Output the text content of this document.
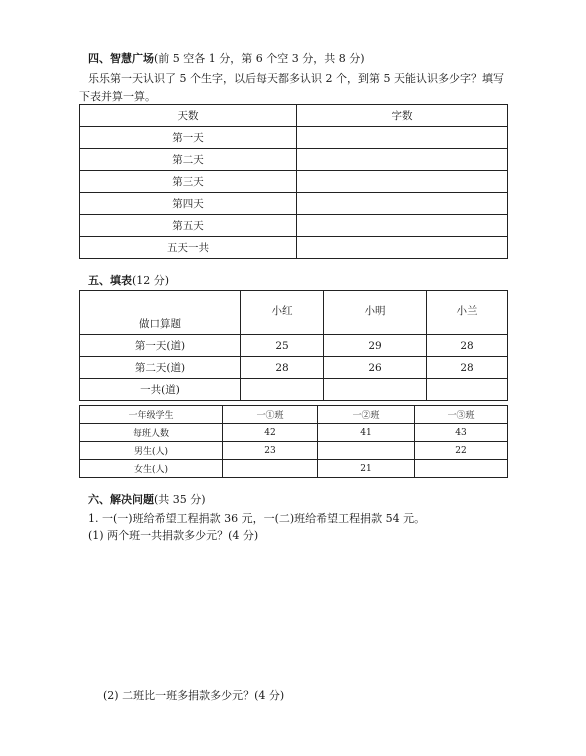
四、智慧广场(前 5 空各 1 分，第 6 个空 3 分，共 8 分)
乐乐第一天认识了 5 个生字，以后每天都多认识 2 个，到第 5 天能认识多少字？填写
下表并算一算。
天数	字数
第一天	
第二天	
第三天	
第四天	
第五天	
五天一共	
五、填表(12 分)
做口算题	小红	小明	小兰
第一天(道)	25	29	28
第二天(道)	28	26	28
一共(道)			
一年级学生	一①班	一②班	一③班
每班人数	42	41	43
男生(人)	23		22
女生(人)		21	
六、解决问题(共 35 分)
1. 一(一)班给希望工程捐款 36 元，一(二)班给希望工程捐款 54 元。
(1) 两个班一共捐款多少元？(4 分)
(2) 二班比一班多捐款多少元？(4 分)
